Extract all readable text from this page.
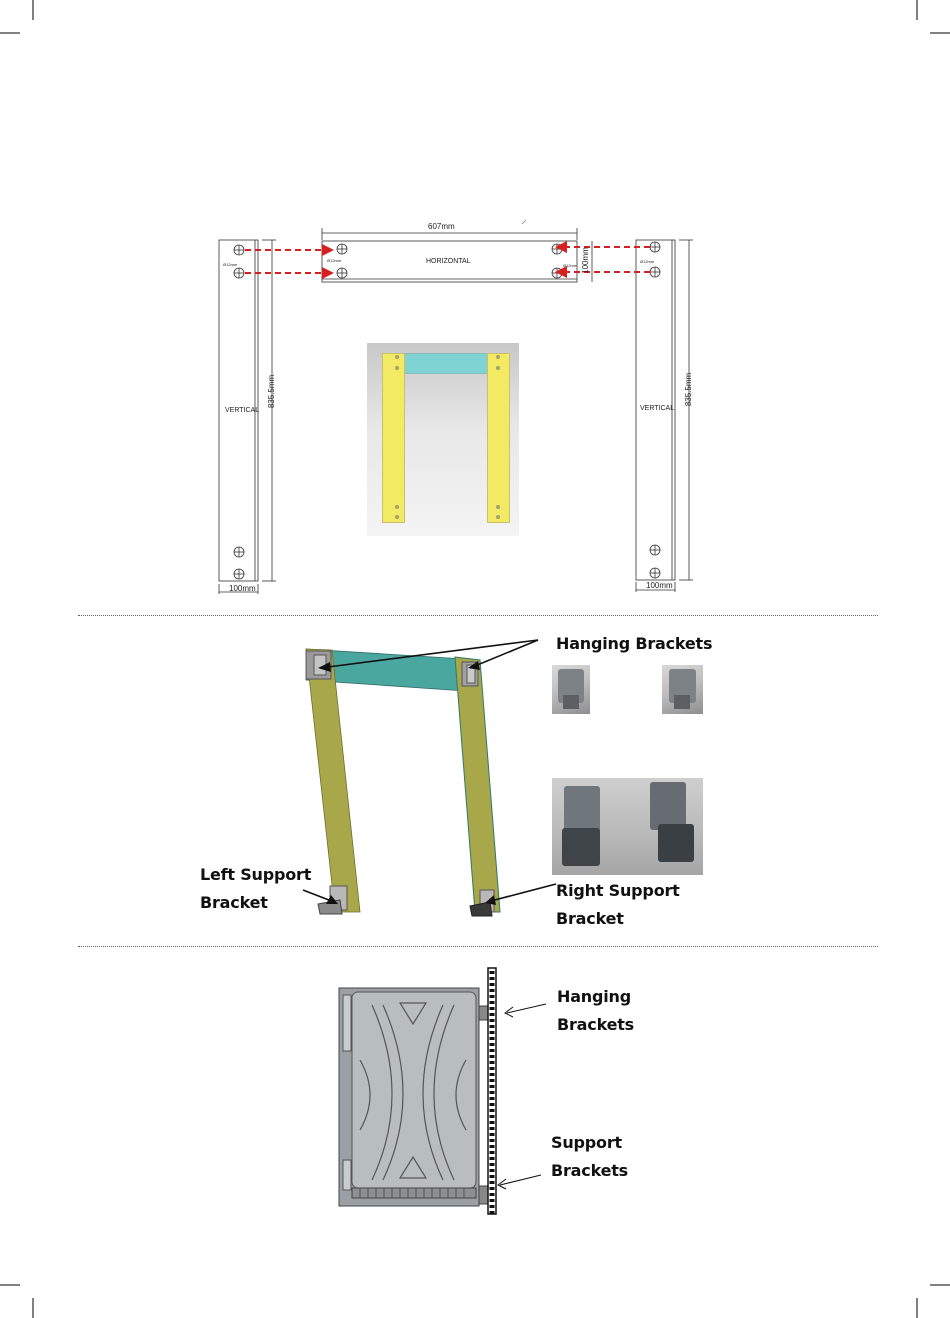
Ø12mm
Ø12mm
Ø12mm
Ø12mm
607mm
HORIZONTAL	100mm
VERTICAL
835.5mm
100mm
VERTICAL
835.5mm
100mm
Hanging Brackets
Left Support
Bracket
Right Support
Bracket
Hanging
Brackets
Support
Brackets
